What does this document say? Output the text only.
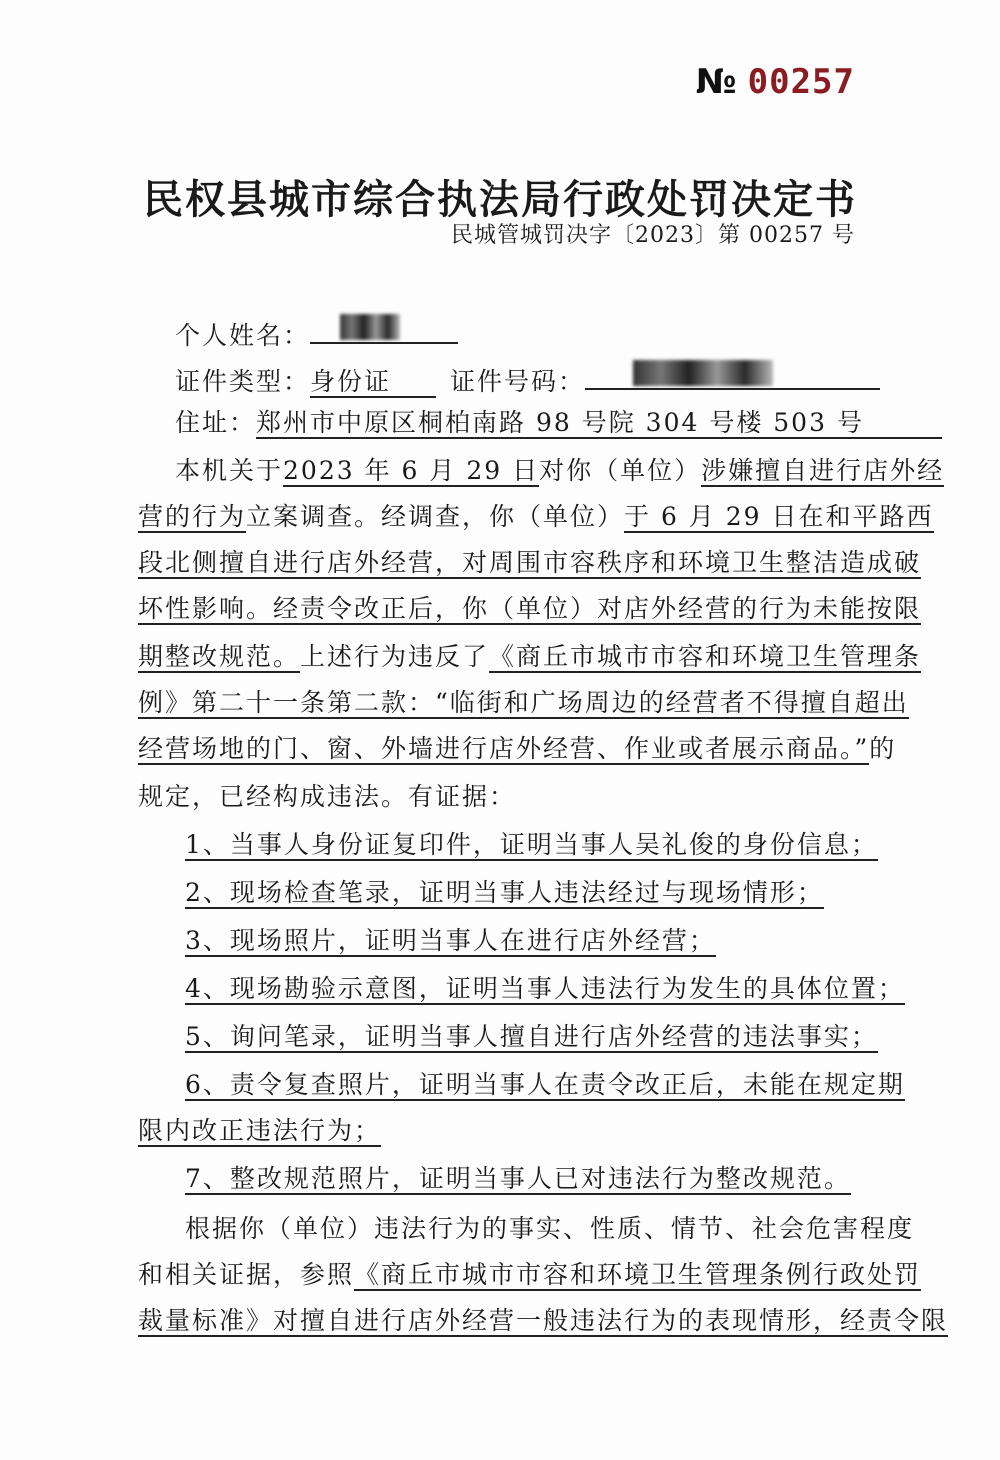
№ 00257
民权县城市综合执法局行政处罚决定书
民城管城罚决字〔2023〕第 00257 号
个人姓名：
证件类型：身份证 证件号码：
住址：郑州市中原区桐柏南路 98 号院 304 号楼 503 号
本机关于2023 年 6 月 29 日对你（单位）涉嫌擅自进行店外经
营的行为立案调查。经调查，你（单位）于 6 月 29 日在和平路西
段北侧擅自进行店外经营，对周围市容秩序和环境卫生整洁造成破
坏性影响。经责令改正后，你（单位）对店外经营的行为未能按限
期整改规范。上述行为违反了《商丘市城市市容和环境卫生管理条
例》第二十一条第二款：“临街和广场周边的经营者不得擅自超出
经营场地的门、窗、外墙进行店外经营、作业或者展示商品。”的
规定，已经构成违法。有证据：
1、当事人身份证复印件，证明当事人吴礼俊的身份信息；
2、现场检查笔录，证明当事人违法经过与现场情形；
3、现场照片，证明当事人在进行店外经营；
4、现场勘验示意图，证明当事人违法行为发生的具体位置；
5、询问笔录，证明当事人擅自进行店外经营的违法事实；
6、责令复查照片，证明当事人在责令改正后，未能在规定期
限内改正违法行为；
7、整改规范照片，证明当事人已对违法行为整改规范。
根据你（单位）违法行为的事实、性质、情节、社会危害程度
和相关证据，参照《商丘市城市市容和环境卫生管理条例行政处罚
裁量标准》对擅自进行店外经营一般违法行为的表现情形，经责令限
